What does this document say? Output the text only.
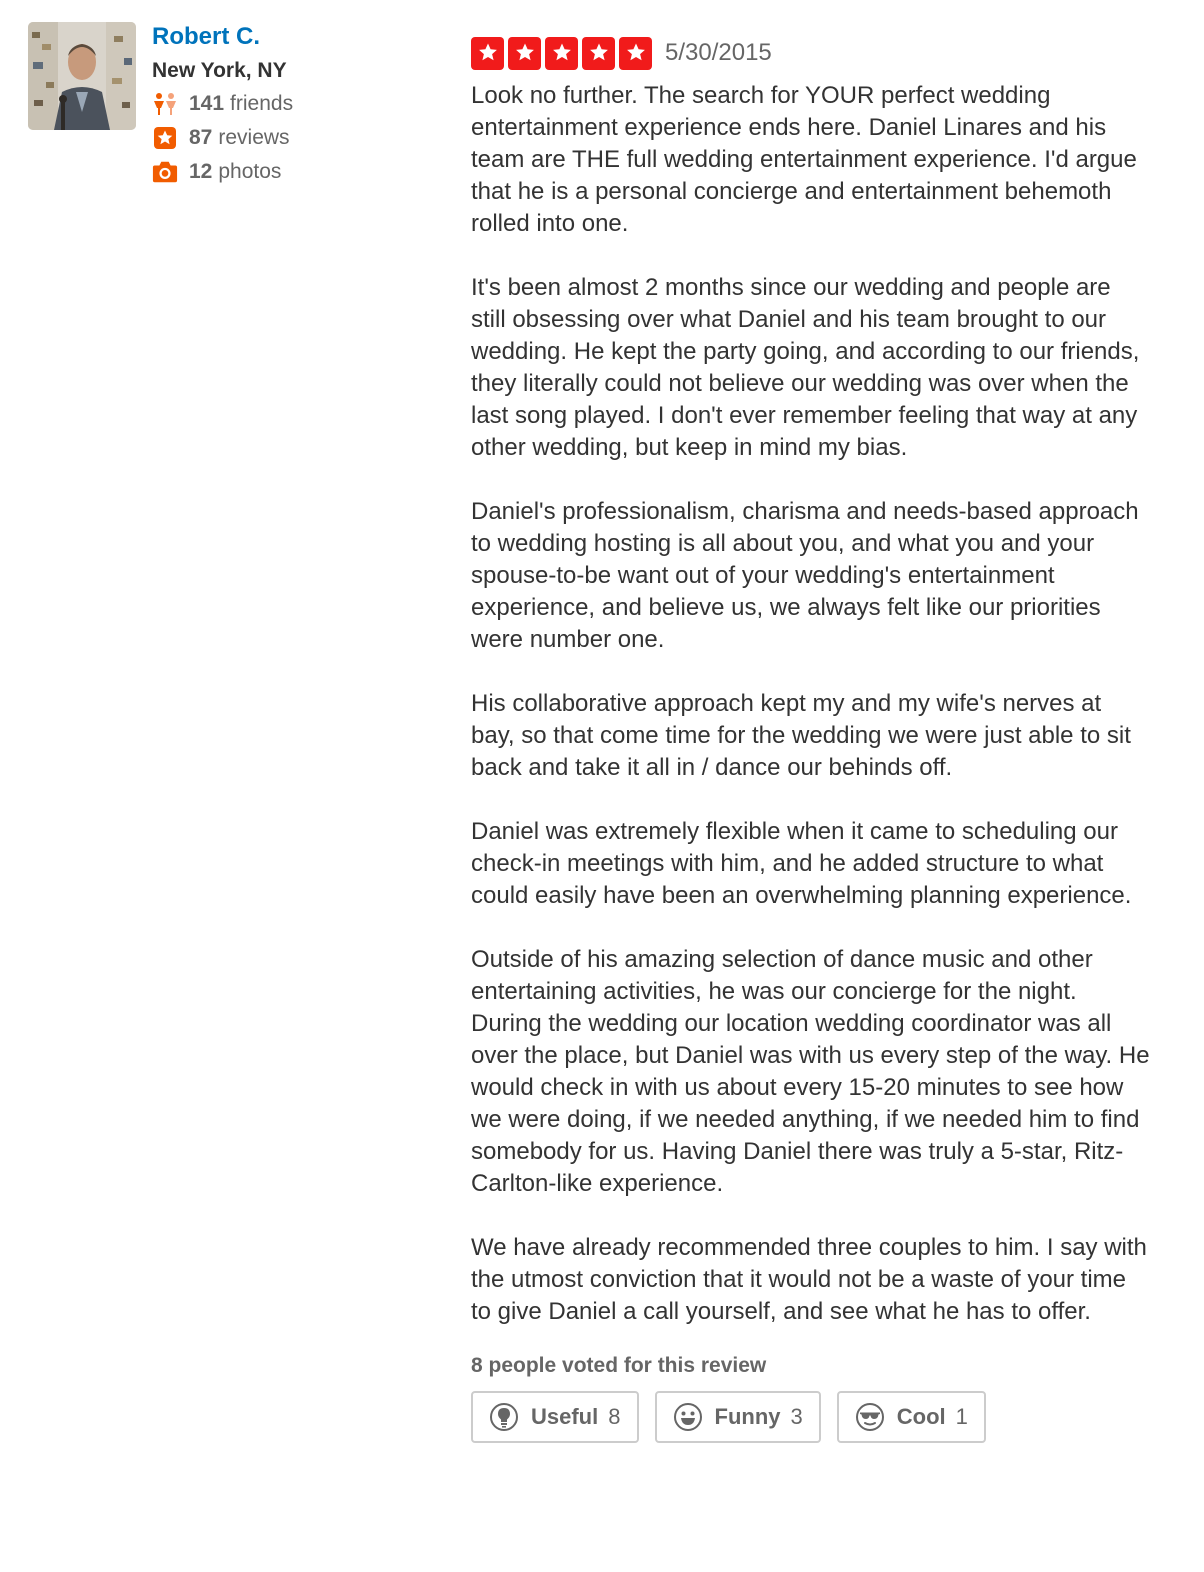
Robert C.
New York, NY
141 friends
87 reviews
12 photos
5/30/2015

Look no further. The search for YOUR perfect wedding entertainment experience ends here. Daniel Linares and his team are THE full wedding entertainment experience. I'd argue that he is a personal concierge and entertainment behemoth rolled into one.

It's been almost 2 months since our wedding and people are still obsessing over what Daniel and his team brought to our wedding. He kept the party going, and according to our friends, they literally could not believe our wedding was over when the last song played. I don't ever remember feeling that way at any other wedding, but keep in mind my bias.

Daniel's professionalism, charisma and needs-based approach to wedding hosting is all about you, and what you and your spouse-to-be want out of your wedding's entertainment experience, and believe us, we always felt like our priorities were number one.

His collaborative approach kept my and my wife's nerves at bay, so that come time for the wedding we were just able to sit back and take it all in / dance our behinds off.

Daniel was extremely flexible when it came to scheduling our check-in meetings with him, and he added structure to what could easily have been an overwhelming planning experience.

Outside of his amazing selection of dance music and other entertaining activities, he was our concierge for the night. During the wedding our location wedding coordinator was all over the place, but Daniel was with us every step of the way. He would check in with us about every 15-20 minutes to see how we were doing, if we needed anything, if we needed him to find somebody for us. Having Daniel there was truly a 5-star, Ritz-Carlton-like experience.

We have already recommended three couples to him. I say with the utmost conviction that it would not be a waste of your time to give Daniel a call yourself, and see what he has to offer.

8 people voted for this review
Useful 8	Funny 3	Cool 1
